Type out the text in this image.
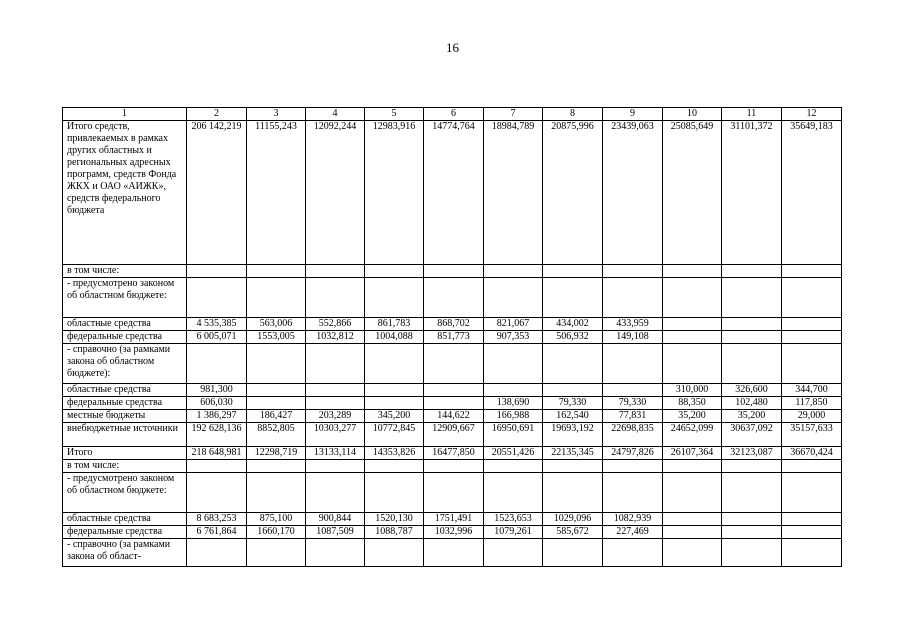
16
1	2	3	4	5	6	7	8	9	10	11	12
Итого средств, привлекаемых в рамках других областных и региональных адресных программ, средств Фонда ЖКХ и ОАО «АИЖК», средств федерального бюджета	206 142,219	11155,243	12092,244	12983,916	14774,764	18984,789	20875,996	23439,063	25085,649	31101,372	35649,183
в том числе:											
- предусмотрено законом об областном бюджете:											
областные средства	4 535,385	563,006	552,866	861,783	868,702	821,067	434,002	433,959			
федеральные средства	6 005,071	1553,005	1032,812	1004,088	851,773	907,353	506,932	149,108			
- справочно (за рамками закона об областном бюджете):											
областные средства	981,300								310,000	326,600	344,700
федеральные средства	606,030					138,690	79,330	79,330	88,350	102,480	117,850
местные бюджеты	1 386,297	186,427	203,289	345,200	144,622	166,988	162,540	77,831	35,200	35,200	29,000
внебюджетные источники	192 628,136	8852,805	10303,277	10772,845	12909,667	16950,691	19693,192	22698,835	24652,099	30637,092	35157,633
Итого	218 648,981	12298,719	13133,114	14353,826	16477,850	20551,426	22135,345	24797,826	26107,364	32123,087	36670,424
в том числе:											
- предусмотрено законом об областном бюджете:											
областные средства	8 683,253	875,100	900,844	1520,130	1751,491	1523,653	1029,096	1082,939			
федеральные средства	6 761,864	1660,170	1087,509	1088,787	1032,996	1079,261	585,672	227,469			
- справочно (за рамками закона об област-											
